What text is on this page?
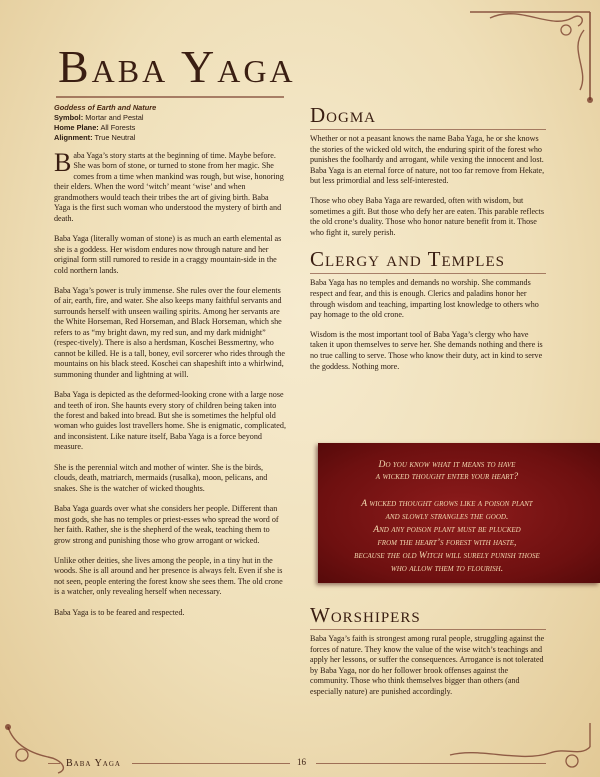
Baba Yaga
Goddess of Earth and Nature
Symbol: Mortar and Pestal
Home Plane: All Forests
Alignment: True Neutral

Baba Yaga’s story starts at the beginning of time. Maybe before. She was born of stone, or turned to stone from her magic. She comes from a time when mankind was rough, but wise, honoring their elders. When the word ‘witch’ meant ‘wise’ and when grandmothers would teach their tribes the art of giving birth. Baba Yaga is the first such woman who understood the mystery of birth and death.

Baba Yaga (literally woman of stone) is as much an earth elemental as she is a goddess. Her wisdom endures now through nature and her original form still rumored to reside in a craggy mountain-side in the cold northern lands.

Baba Yaga’s power is truly immense. She rules over the four elements of air, earth, fire, and water. She also keeps many faithful servants and surrounds herself with unseen wailing spirits. Among her servants are the White Horseman, Red Horseman, and Black Horseman, which she refers to as “my bright dawn, my red sun, and my dark midnight” (respec-tively). There is also a herdsman, Koschei Bessmertny, who cannot be killed. He is a tall, boney, evil sorcerer who rides through the mountains on his black steed. Koschei can shapeshift into a whirlwind, summoning thunder and lightning at will.

Baba Yaga is depicted as the deformed-looking crone with a large nose and teeth of iron. She haunts every story of children being taken into the forest and baked into bread. But she is sometimes the helpful old woman who guides lost travellers home. She is enigmatic, complicated, and inconsistent. Like nature itself, Baba Yaga is a force beyond measure.

She is the perennial witch and mother of winter. She is the birds, clouds, death, matriarch, mermaids (rusalka), moon, pelicans, and snakes. She is the watcher of wicked thoughts.

Baba Yaga guards over what she considers her people. Different than most gods, she has no temples or priest-esses who spread the word of her faith. Rather, she is the shepherd of the weak, teaching them to grow strong and punishing those who grow arrogant or wicked.

Unlike other deities, she lives among the people, in a tiny hut in the woods. She is all around and her presence is always felt. Even if she is not seen, people entering the forest know she sees them. The old crone is a watcher, only revealing herself when necessary.

Baba Yaga is to be feared and respected.

Dogma

Whether or not a peasant knows the name Baba Yaga, he or she knows the stories of the wicked old witch, the enduring spirit of the forest who punishes the foolhardy and arrogant, while vexing the innocent and lost. Baba Yaga is an eternal force of nature, not too far remove from Hekate, but less primordial and less self-interested.

Those who obey Baba Yaga are rewarded, often with wisdom, but sometimes a gift. But those who defy her are eaten. This parable reflects the old crone’s duality. Those who honor nature benefit from it. Those who fight it, surely perish.

Clergy and Temples

Baba Yaga has no temples and demands no worship. She commands respect and fear, and this is enough. Clerics and paladins honor her through wisdom and teaching, imparting lost knowledge to others who pay homage to the old crone.

Wisdom is the most important tool of Baba Yaga’s clergy who have taken it upon themselves to serve her. She demands nothing and there is no true calling to serve. Those who know their duty, act in kind to serve the goddess. Nothing more.

Do you know what it means to have
a wicked thought enter your heart?
A wicked thought grows like a poison plant
and slowly strangles the good.
And any poison plant must be plucked
from the heart’s forest with haste,
because the old Witch will surely punish those
who allow them to flourish.
Worshipers

Baba Yaga’s faith is strongest among rural people, struggling against the forces of nature. They know the value of the wise witch’s teachings and apply her lessons, or suffer the consequences. Arrogance is not tolerated by Baba Yaga, nor do her follower brook offenses against the community. Those who think themselves bigger than others (and especially nature) are punished accordingly.

Baba Yaga	16
